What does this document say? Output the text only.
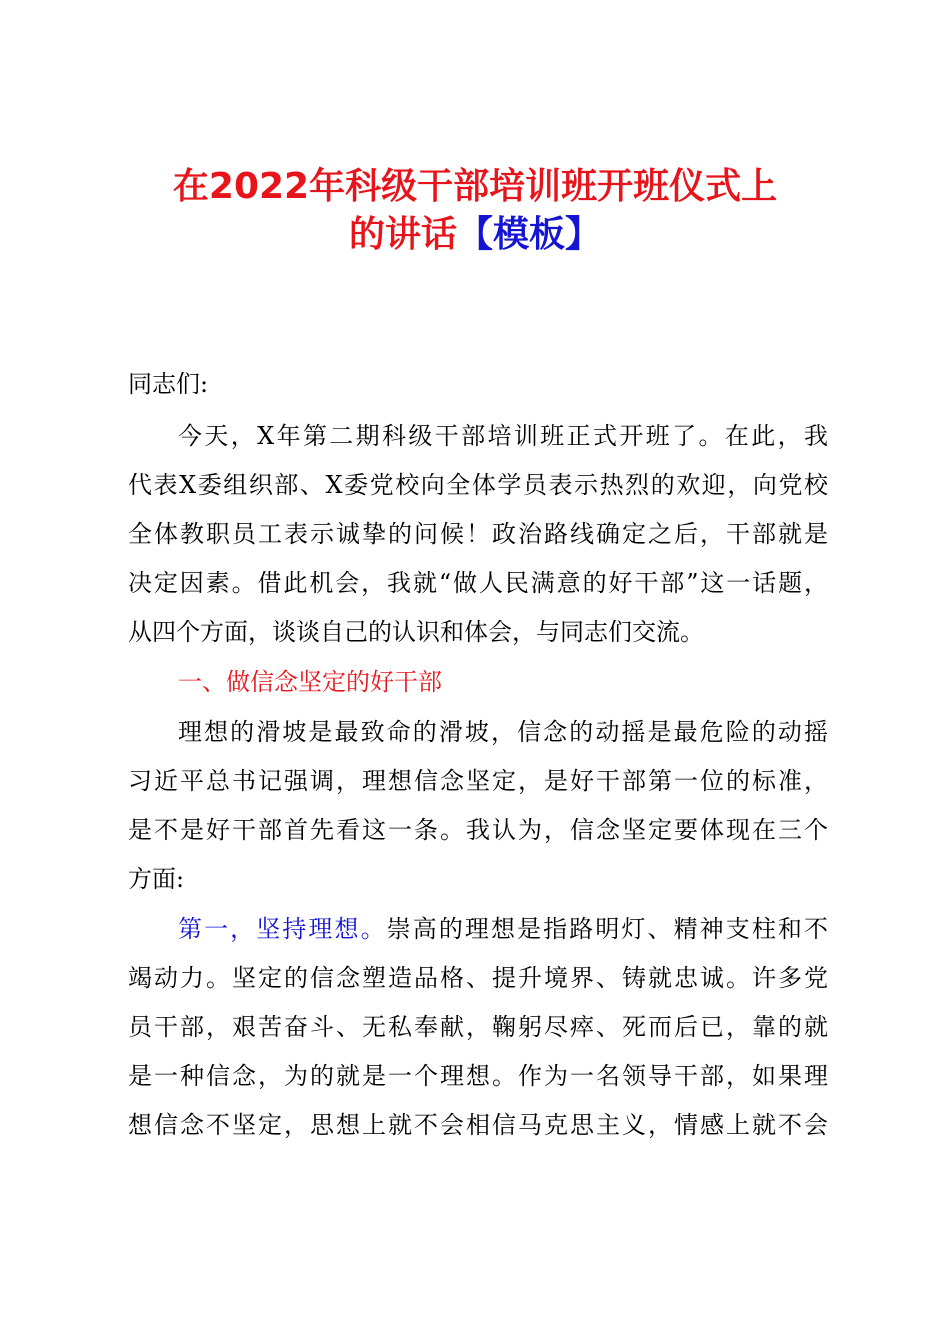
在2022年科级干部培训班开班仪式上
的讲话【模板】
同志们:
今天，X年第二期科级干部培训班正式开班了。在此，我
代表X委组织部、X委党校向全体学员表示热烈的欢迎，向党校
全体教职员工表示诚挚的问候！政治路线确定之后，干部就是
决定因素。借此机会，我就“做人民满意的好干部”这一话题，
从四个方面，谈谈自己的认识和体会，与同志们交流。
一、做信念坚定的好干部
理想的滑坡是最致命的滑坡，信念的动摇是最危险的动摇
习近平总书记强调，理想信念坚定，是好干部第一位的标准，
是不是好干部首先看这一条。我认为，信念坚定要体现在三个
方面:
第一，坚持理想。崇高的理想是指路明灯、精神支柱和不
竭动力。坚定的信念塑造品格、提升境界、铸就忠诚。许多党
员干部，艰苦奋斗、无私奉献，鞠躬尽瘁、死而后已，靠的就
是一种信念，为的就是一个理想。作为一名领导干部，如果理
想信念不坚定，思想上就不会相信马克思主义，情感上就不会
